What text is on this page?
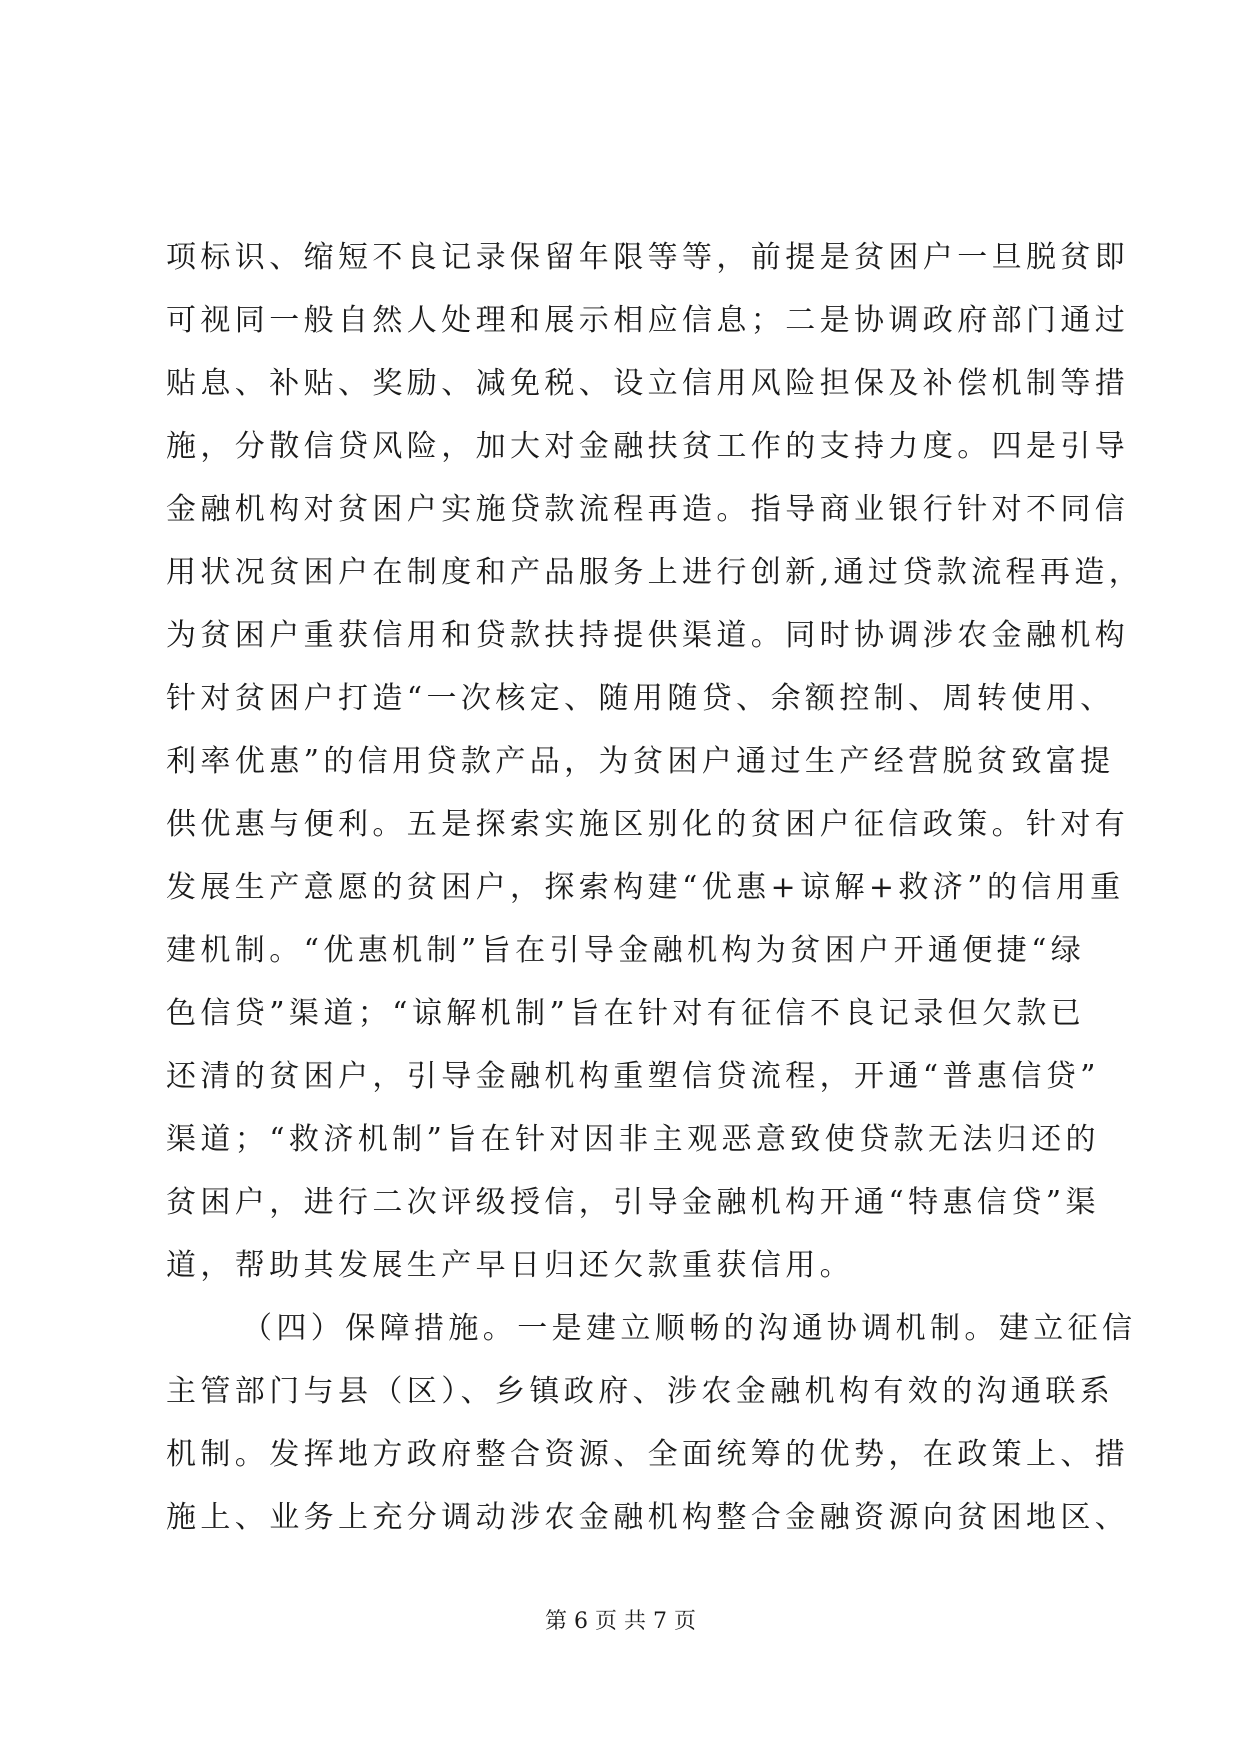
项标识、缩短不良记录保留年限等等，前提是贫困户一旦脱贫即
可视同一般自然人处理和展示相应信息；二是协调政府部门通过
贴息、补贴、奖励、减免税、设立信用风险担保及补偿机制等措
施，分散信贷风险，加大对金融扶贫工作的支持力度。四是引导
金融机构对贫困户实施贷款流程再造。指导商业银行针对不同信
用状况贫困户在制度和产品服务上进行创新,通过贷款流程再造，
为贫困户重获信用和贷款扶持提供渠道。同时协调涉农金融机构
针对贫困户打造“一次核定、随用随贷、余额控制、周转使用、
利率优惠”的信用贷款产品，为贫困户通过生产经营脱贫致富提
供优惠与便利。五是探索实施区别化的贫困户征信政策。针对有
发展生产意愿的贫困户，探索构建“优惠+谅解+救济”的信用重
建机制。“优惠机制”旨在引导金融机构为贫困户开通便捷“绿
色信贷”渠道；“谅解机制”旨在针对有征信不良记录但欠款已
还清的贫困户，引导金融机构重塑信贷流程，开通“普惠信贷”
渠道；“救济机制”旨在针对因非主观恶意致使贷款无法归还的
贫困户，进行二次评级授信，引导金融机构开通“特惠信贷”渠
道，帮助其发展生产早日归还欠款重获信用。
（四）保障措施。一是建立顺畅的沟通协调机制。建立征信
主管部门与县（区）、乡镇政府、涉农金融机构有效的沟通联系
机制。发挥地方政府整合资源、全面统筹的优势，在政策上、措
施上、业务上充分调动涉农金融机构整合金融资源向贫困地区、
第 6 页 共 7 页
